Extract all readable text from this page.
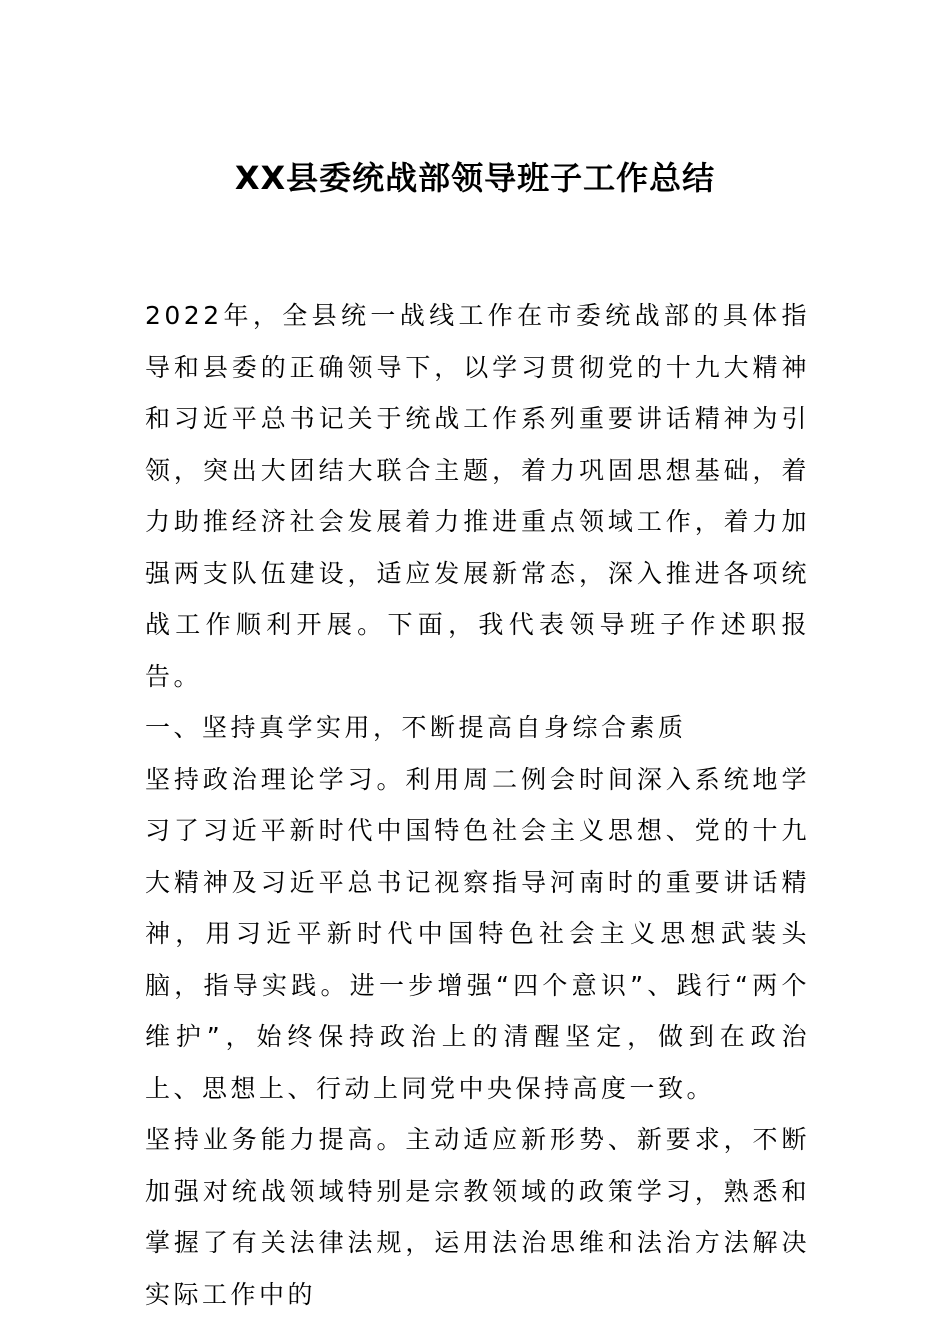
XX县委统战部领导班子工作总结

2022年，全县统一战线工作在市委统战部的具体指导和县委的正确领导下，以学习贯彻党的十九大精神和习近平总书记关于统战工作系列重要讲话精神为引领，突出大团结大联合主题，着力巩固思想基础，着力助推经济社会发展着力推进重点领域工作，着力加强两支队伍建设，适应发展新常态，深入推进各项统战工作顺利开展。下面，我代表领导班子作述职报告。

一、坚持真学实用，不断提高自身综合素质

坚持政治理论学习。利用周二例会时间深入系统地学习了习近平新时代中国特色社会主义思想、党的十九大精神及习近平总书记视察指导河南时的重要讲话精神，用习近平新时代中国特色社会主义思想武装头脑，指导实践。进一步增强“四个意识”、践行“两个维护”，始终保持政治上的清醒坚定，做到在政治上、思想上、行动上同党中央保持高度一致。

坚持业务能力提高。主动适应新形势、新要求，不断加强对统战领域特别是宗教领域的政策学习，熟悉和掌握了有关法律法规，运用法治思维和法治方法解决实际工作中的
